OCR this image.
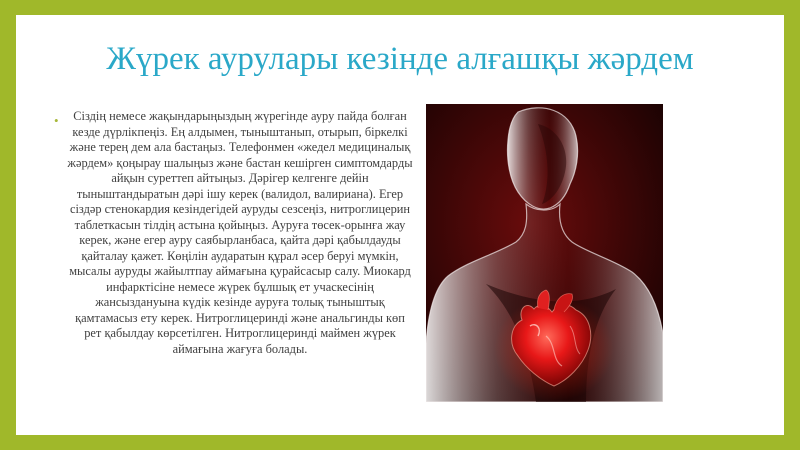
Жүрек аурулары кезінде алғашқы жәрдем
•	Сіздің немесе жақындарыңыздың жүрегінде ауру пайда болған кезде дүрлікпеңіз. Ең алдымен, тыныштанып, отырып, біркелкі және терең дем ала бастаңыз. Телефонмен «жедел медициналық жәрдем» қоңырау шалыңыз және бастан кешірген симптомдарды айқын суреттеп айтыңыз. Дәрігер келгенге дейін тыныштандыратын дәрі ішу керек (валидол, валириана). Егер сіздәр стенокардия кезіндегідей ауруды сезсеңіз, нитроглицерин таблеткасын тілдің астына қойыңыз. Ауруға төсек-орынға жау керек, және егер ауру саябырланбаса, қайта дәрі қабылдауды қайталау қажет. Көңілін аударатын құрал әсер беруі мүмкін, мысалы ауруды жайылтпау аймағына қурайсасыр салу. Миокард инфарктісіне немесе жүрек бұлшық ет учаскесінің жансыздануына күдік кезінде ауруға толық тыныштық қамтамасыз ету керек. Нитроглицеринді және анальгинды көп рет қабылдау көрсетілген. Нитроглицеринді маймен жүрек аймағына жағуға болады.
